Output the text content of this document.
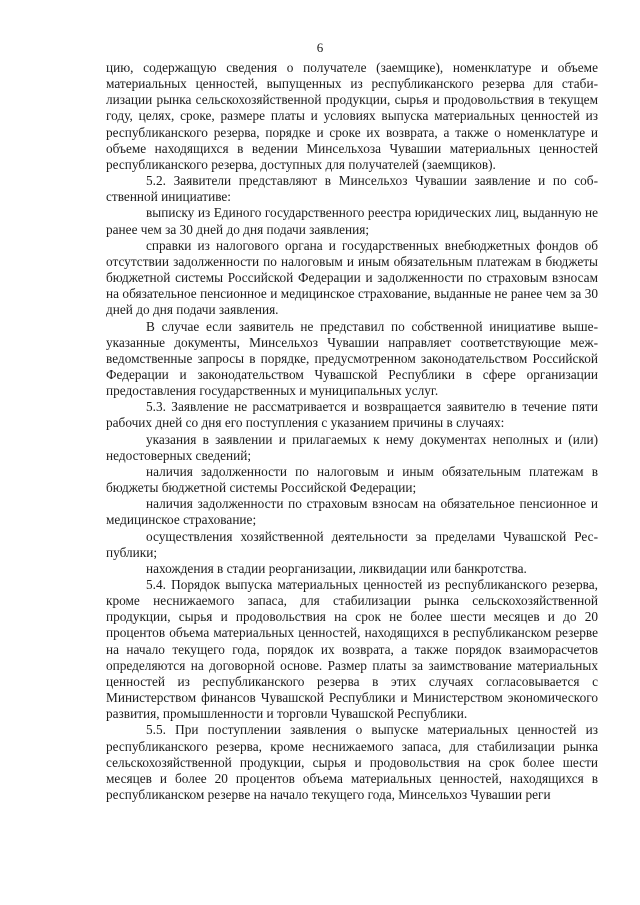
6

цию, содержащую сведения о получателе (заемщике), номенклатуре и объеме материальных ценностей, выпущенных из республиканского резерва для стабилизации рынка сельскохозяйственной продукции, сырья и продовольствия в текущем году, целях, сроке, размере платы и условиях выпуска материальных ценностей из республиканского резерва, порядке и сроке их возврата, а также о номенклатуре и объеме находящихся в ведении Минсельхоза Чувашии материальных ценностей республиканского резерва, доступных для получателей (заемщиков).

5.2. Заявители представляют в Минсельхоз Чувашии заявление и по собственной инициативе:

выписку из Единого государственного реестра юридических лиц, выданную не ранее чем за 30 дней до дня подачи заявления;

справки из налогового органа и государственных внебюджетных фондов об отсутствии задолженности по налоговым и иным обязательным платежам в бюджеты бюджетной системы Российской Федерации и задолженности по страховым взносам на обязательное пенсионное и медицинское страхование, выданные не ранее чем за 30 дней до дня подачи заявления.

В случае если заявитель не представил по собственной инициативе вышеуказанные документы, Минсельхоз Чувашии направляет соответствующие межведомственные запросы в порядке, предусмотренном законодательством Российской Федерации и законодательством Чувашской Республики в сфере организации предоставления государственных и муниципальных услуг.

5.3. Заявление не рассматривается и возвращается заявителю в течение пяти рабочих дней со дня его поступления с указанием причины в случаях:

указания в заявлении и прилагаемых к нему документах неполных и (или) недостоверных сведений;

наличия задолженности по налоговым и иным обязательным платежам в бюджеты бюджетной системы Российской Федерации;

наличия задолженности по страховым взносам на обязательное пенсионное и медицинское страхование;

осуществления хозяйственной деятельности за пределами Чувашской Республики;

нахождения в стадии реорганизации, ликвидации или банкротства.

5.4. Порядок выпуска материальных ценностей из республиканского резерва, кроме неснижаемого запаса, для стабилизации рынка сельскохозяйственной продукции, сырья и продовольствия на срок не более шести месяцев и до 20 процентов объема материальных ценностей, находящихся в республиканском резерве на начало текущего года, порядок их возврата, а также порядок взаиморасчетов определяются на договорной основе. Размер платы за заимствование материальных ценностей из республиканского резерва в этих случаях согласовывается с Министерством финансов Чувашской Республики и Министерством экономического развития, промышленности и торговли Чувашской Республики.

5.5. При поступлении заявления о выпуске материальных ценностей из республиканского резерва, кроме неснижаемого запаса, для стабилизации рынка сельскохозяйственной продукции, сырья и продовольствия на срок более шести месяцев и более 20 процентов объема материальных ценностей, находящихся в республиканском резерве на начало текущего года, Минсельхоз Чувашии реги
